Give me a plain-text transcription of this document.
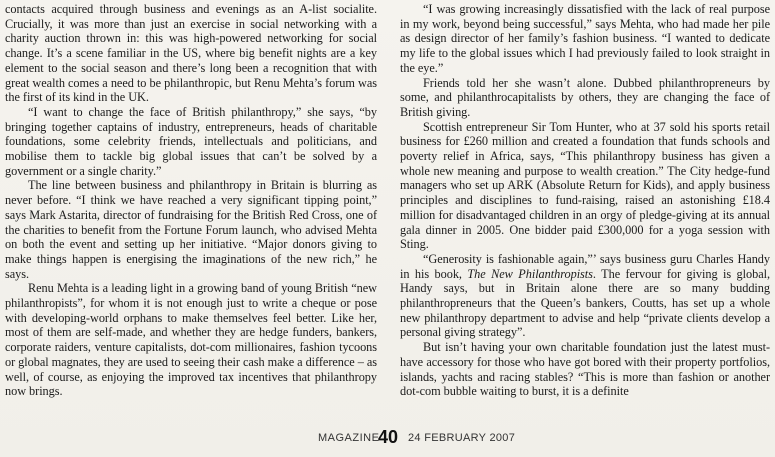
contacts acquired through business and evenings as an A-list socialite. Crucially, it was more than just an exercise in social networking with a charity auction thrown in: this was high-powered networking for social change. It’s a scene familiar in the US, where big benefit nights are a key element to the social season and there’s long been a recognition that with great wealth comes a need to be philanthropic, but Renu Mehta’s forum was the first of its kind in the UK.

“I want to change the face of British philanthropy,” she says, “by bringing together captains of industry, entrepreneurs, heads of charitable foundations, some celebrity friends, intellectuals and politicians, and mobilise them to tackle big global issues that can’t be solved by a government or a single charity.”

The line between business and philanthropy in Britain is blurring as never before. “I think we have reached a very significant tipping point,” says Mark Astarita, director of fundraising for the British Red Cross, one of the charities to benefit from the Fortune Forum launch, who advised Mehta on both the event and setting up her initiative. “Major donors giving to make things happen is energising the imaginations of the new rich,” he says.

Renu Mehta is a leading light in a growing band of young British “new philanthropists”, for whom it is not enough just to write a cheque or pose with developing-world orphans to make themselves feel better. Like her, most of them are self-made, and whether they are hedge funders, bankers, corporate raiders, venture capitalists, dot-com millionaires, fashion tycoons or global magnates, they are used to seeing their cash make a difference – as well, of course, as enjoying the improved tax incentives that philanthropy now brings.

“I was growing increasingly dissatisfied with the lack of real purpose in my work, beyond being successful,” says Mehta, who had made her pile as design director of her family’s fashion business. “I wanted to dedicate my life to the global issues which I had previously failed to look straight in the eye.”

Friends told her she wasn’t alone. Dubbed philanthropreneurs by some, and philanthrocapitalists by others, they are changing the face of British giving.

Scottish entrepreneur Sir Tom Hunter, who at 37 sold his sports retail business for £260 million and created a foundation that funds schools and poverty relief in Africa, says, “This philanthropy business has given a whole new meaning and purpose to wealth creation.” The City hedge-fund managers who set up ARK (Absolute Return for Kids), and apply business principles and disciplines to fund-raising, raised an astonishing £18.4 million for disadvantaged children in an orgy of pledge-giving at its annual gala dinner in 2005. One bidder paid £300,000 for a yoga session with Sting.

“Generosity is fashionable again,”’ says business guru Charles Handy in his book, The New Philanthropists. The fervour for giving is global, Handy says, but in Britain alone there are so many budding philanthropreneurs that the Queen’s bankers, Coutts, has set up a whole new philanthropy department to advise and help “private clients develop a personal giving strategy”.

But isn’t having your own charitable foundation just the latest must-have accessory for those who have got bored with their property portfolios, islands, yachts and racing stables? “This is more than fashion or another dot-com bubble waiting to burst, it is a definite

MAGAZINE
40 24 FEBRUARY 2007
